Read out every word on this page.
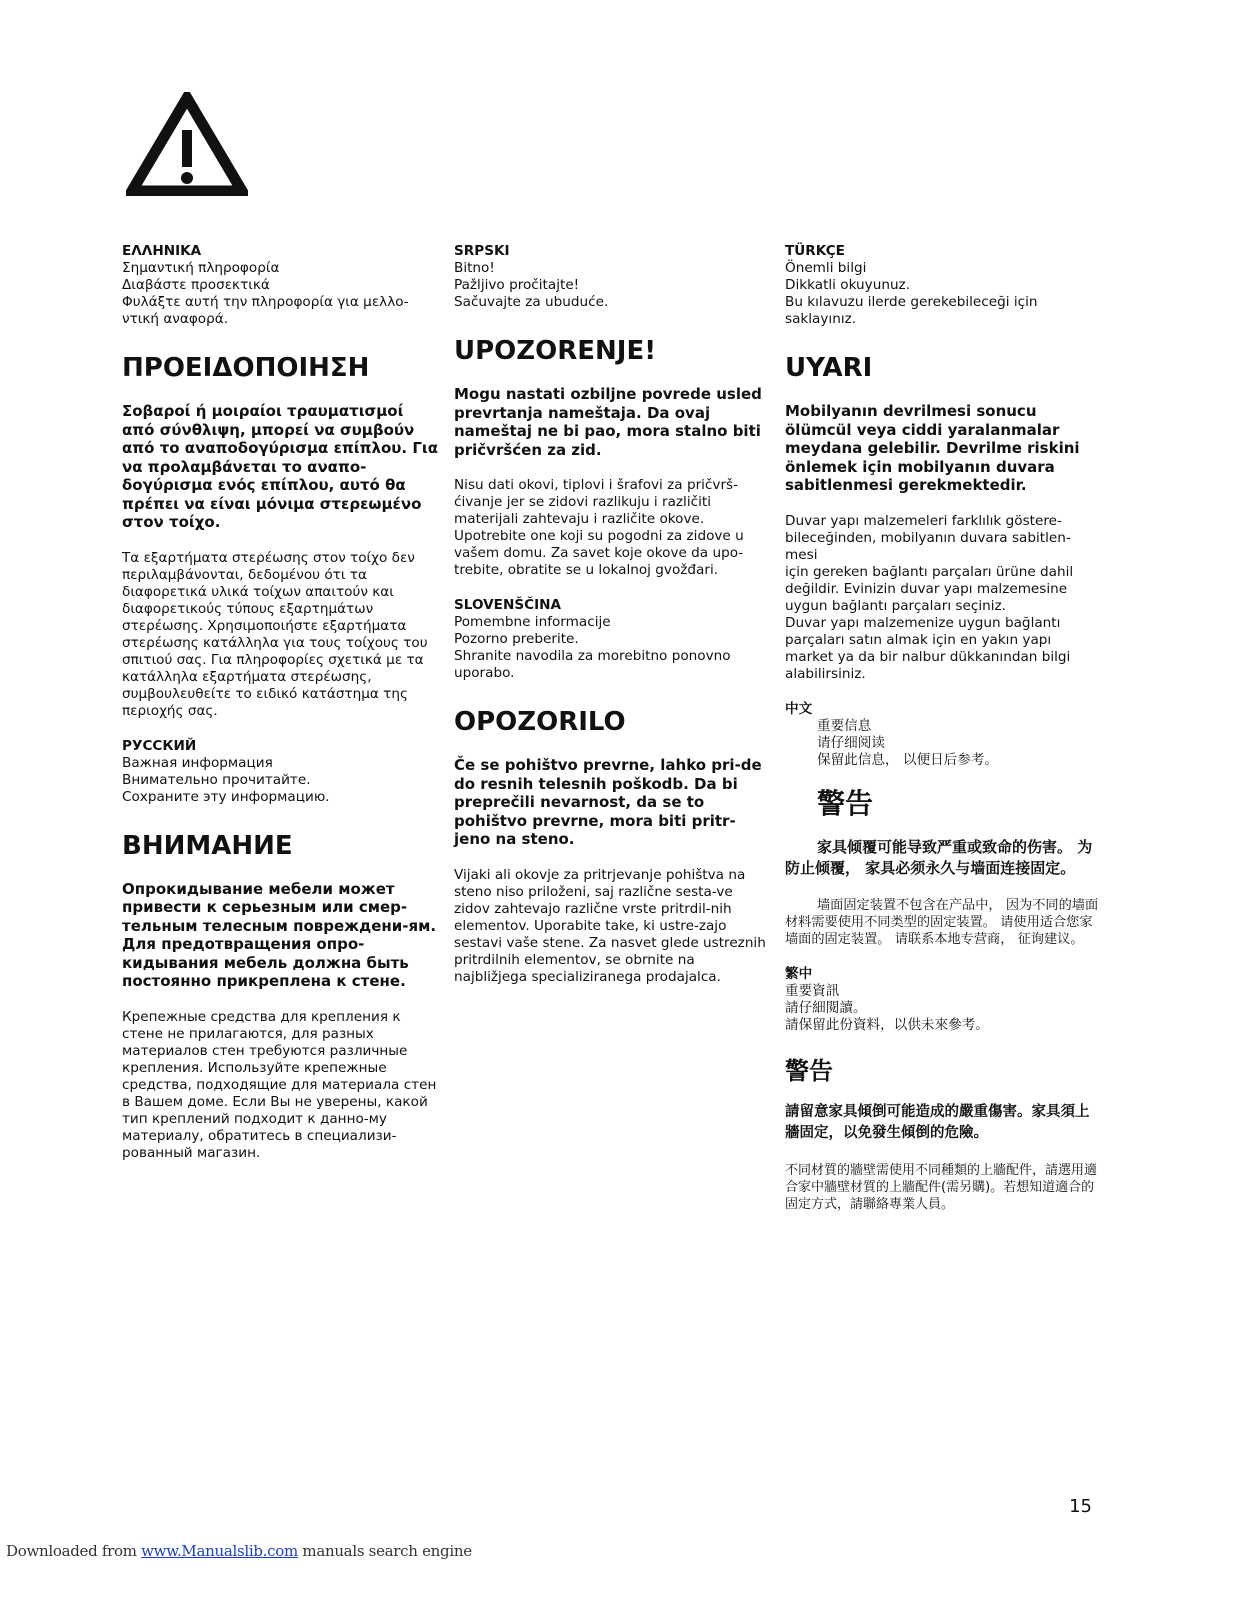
ΕΛΛΗΝΙΚΑ

Σημαντική πληροφορία

Διαβάστε προσεκτικά

Φυλάξτε αυτή την πληροφορία για μελλο-

ντική αναφορά.

ΠΡΟΕΙΔΟΠΟΙΗΣΗ

Σοβαροί ή μοιραίοι τραυματισμοί από σύνθλιψη, μπορεί να συμβούν από το αναποδογύρισμα επίπλου. Για να προλαμβάνεται το αναπο-δογύρισμα ενός επίπλου, αυτό θα πρέπει να είναι μόνιμα στερεωμένο στον τοίχο.

Τα εξαρτήματα στερέωσης στον τοίχο δεν περιλαμβάνονται, δεδομένου ότι τα διαφορετικά υλικά τοίχων απαιτούν και διαφορετικούς τύπους εξαρτημάτων στερέωσης. Χρησιμοποιήστε εξαρτήματα στερέωσης κατάλληλα για τους τοίχους του σπιτιού σας. Για πληροφορίες σχετικά με τα κατάλληλα εξαρτήματα στερέωσης, συμβουλευθείτε το ειδικό κατάστημα της περιοχής σας.

РУССКИЙ

Важная информация

Внимательно прочитайте.

Сохраните эту информацию.

ВНИМАНИЕ

Опрокидывание мебели может привести к серьезным или смер-тельным телесным повреждени-ям. Для предотвращения опро-кидывания мебель должна быть постоянно прикреплена к стене.

Крепежные средства для крепления к стене не прилагаются, для разных материалов стен требуются различные крепления. Используйте крепежные средства, подходящие для материала стен в Вашем доме. Если Вы не уверены, какой тип креплений подходит к данно-му материалу, обратитесь в специализи-рованный магазин.

SRPSKI

Bitno!

Pažljivo pročitajte!

Sačuvajte za ubuduće.

UPOZORENJE!

Mogu nastati ozbiljne povrede usled prevrtanja nameštaja. Da ovaj nameštaj ne bi pao, mora stalno biti pričvršćen za zid.

Nisu dati okovi, tiplovi i šrafovi za pričvrš-ćivanje jer se zidovi razlikuju i različiti materijali zahtevaju i različite okove. Upotrebite one koji su pogodni za zidove u vašem domu. Za savet koje okove da upo-trebite, obratite se u lokalnoj gvožđari.

SLOVENŠČINA

Pomembne informacije

Pozorno preberite.

Shranite navodila za morebitno ponovno

uporabo.

OPOZORILO

Če se pohištvo prevrne, lahko pri-de do resnih telesnih poškodb. Da bi preprečili nevarnost, da se to pohištvo prevrne, mora biti pritr-jeno na steno.

Vijaki ali okovje za pritrjevanje pohištva na steno niso priloženi, saj različne sesta-ve zidov zahtevajo različne vrste pritrdil-nih elementov. Uporabite take, ki ustre-zajo sestavi vaše stene. Za nasvet glede ustreznih pritrdilnih elementov, se obrnite na najbližjega specializiranega prodajalca.

TÜRKÇE

Önemli bilgi

Dikkatli okuyunuz.

Bu kılavuzu ilerde gerekebileceği için

saklayınız.

UYARI

Mobilyanın devrilmesi sonucu ölümcül veya ciddi yaralanmalar meydana gelebilir. Devrilme riskini önlemek için mobilyanın duvara sabitlenmesi gerekmektedir.

Duvar yapı malzemeleri farklılık göstere-bileceğinden, mobilyanın duvara sabitlen-mesi
için gereken bağlantı parçaları ürüne dahil değildir. Evinizin duvar yapı malzemesine uygun bağlantı parçaları seçiniz.
Duvar yapı malzemenize uygun bağlantı parçaları satın almak için en yakın yapı market ya da bir nalbur dükkanından bilgi alabilirsiniz.

中文

重要信息

请仔细阅读

保留此信息， 以便日后参考。

警告

家具倾覆可能导致严重或致命的伤害。 为防止倾覆， 家具必须永久与墙面连接固定。

墙面固定装置不包含在产品中， 因为不同的墙面材料需要使用不同类型的固定装置。 请使用适合您家墙面的固定装置。 请联系本地专营商， 征询建议。

繁中

重要資訊

請仔細閱讀。

請保留此份資料，以供未來參考。

警告

請留意家具傾倒可能造成的嚴重傷害。家具須上牆固定，以免發生傾倒的危險。

不同材質的牆壁需使用不同種類的上牆配件，請選用適合家中牆壁材質的上牆配件(需另購)。若想知道適合的固定方式，請聯絡專業人員。

15
Downloaded from www.Manualslib.com manuals search engine
